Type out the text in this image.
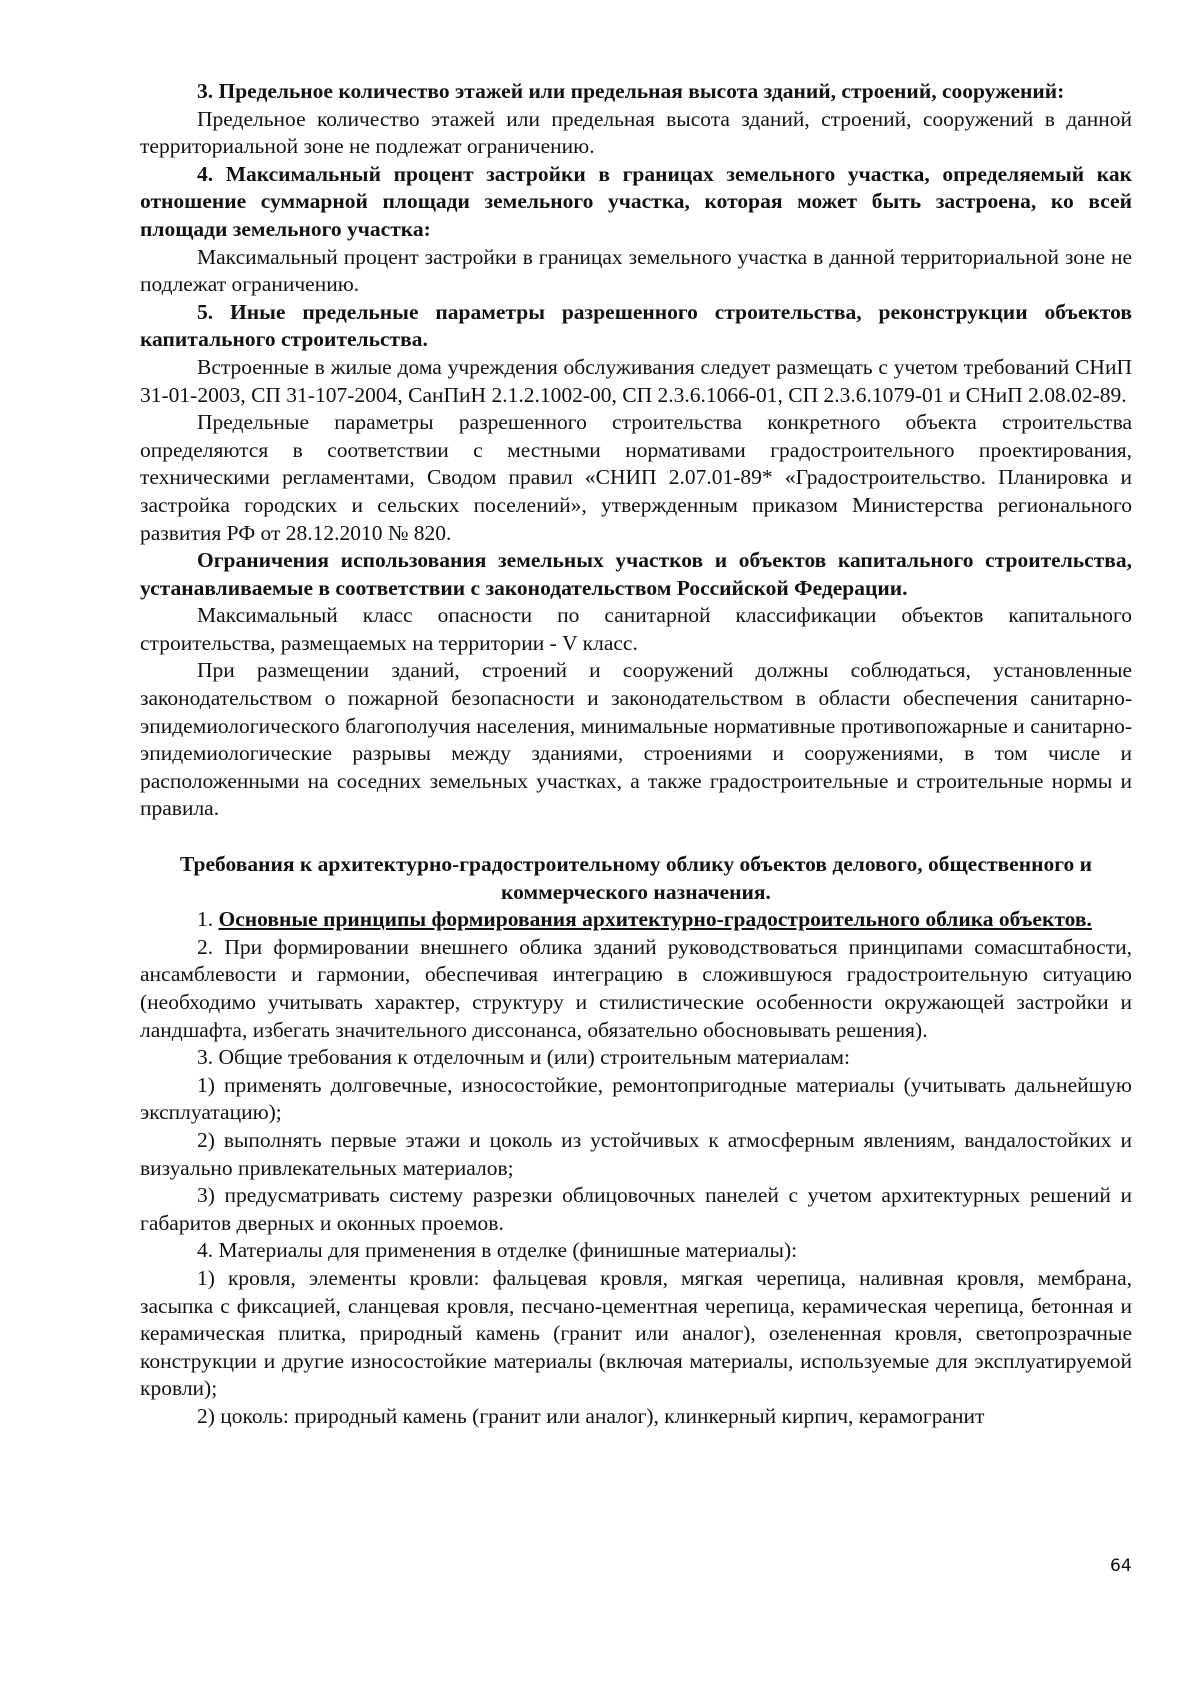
3. Предельное количество этажей или предельная высота зданий, строений, сооружений:

Предельное количество этажей или предельная высота зданий, строений, сооружений в данной территориальной зоне не подлежат ограничению.

4. Максимальный процент застройки в границах земельного участка, определяемый как отношение суммарной площади земельного участка, которая может быть застроена, ко всей площади земельного участка:

Максимальный процент застройки в границах земельного участка в данной территориальной зоне не подлежат ограничению.

5. Иные предельные параметры разрешенного строительства, реконструкции объектов капитального строительства.

Встроенные в жилые дома учреждения обслуживания следует размещать с учетом требований СНиП 31-01-2003, СП 31-107-2004, СанПиН 2.1.2.1002-00, СП 2.3.6.1066-01, СП 2.3.6.1079-01 и СНиП 2.08.02-89.

Предельные параметры разрешенного строительства конкретного объекта строительства определяются в соответствии с местными нормативами градостроительного проектирования, техническими регламентами, Сводом правил «СНИП 2.07.01-89* «Градостроительство. Планировка и застройка городских и сельских поселений», утвержденным приказом Министерства регионального развития РФ от 28.12.2010 № 820.

Ограничения использования земельных участков и объектов капитального строительства, устанавливаемые в соответствии с законодательством Российской Федерации.

Максимальный класс опасности по санитарной классификации объектов капитального строительства, размещаемых на территории - V класс.

При размещении зданий, строений и сооружений должны соблюдаться, установленные законодательством о пожарной безопасности и законодательством в области обеспечения санитарно-эпидемиологического благополучия населения, минимальные нормативные противопожарные и санитарно-эпидемиологические разрывы между зданиями, строениями и сооружениями, в том числе и расположенными на соседних земельных участках, а также градостроительные и строительные нормы и правила.

Требования к архитектурно-градостроительному облику объектов делового, общественного и коммерческого назначения.

1. Основные принципы формирования архитектурно-градостроительного облика объектов.

2. При формировании внешнего облика зданий руководствоваться принципами сомасштабности, ансамблевости и гармонии, обеспечивая интеграцию в сложившуюся градостроительную ситуацию (необходимо учитывать характер, структуру и стилистические особенности окружающей застройки и ландшафта, избегать значительного диссонанса, обязательно обосновывать решения).

3. Общие требования к отделочным и (или) строительным материалам:

1) применять долговечные, износостойкие, ремонтопригодные материалы (учитывать дальнейшую эксплуатацию);

2) выполнять первые этажи и цоколь из устойчивых к атмосферным явлениям, вандалостойких и визуально привлекательных материалов;

3) предусматривать систему разрезки облицовочных панелей с учетом архитектурных решений и габаритов дверных и оконных проемов.

4. Материалы для применения в отделке (финишные материалы):

1) кровля, элементы кровли: фальцевая кровля, мягкая черепица, наливная кровля, мембрана, засыпка с фиксацией, сланцевая кровля, песчано-цементная черепица, керамическая черепица, бетонная и керамическая плитка, природный камень (гранит или аналог), озелененная кровля, светопрозрачные конструкции и другие износостойкие материалы (включая материалы, используемые для эксплуатируемой кровли);

2) цоколь: природный камень (гранит или аналог), клинкерный кирпич, керамогранит

64
